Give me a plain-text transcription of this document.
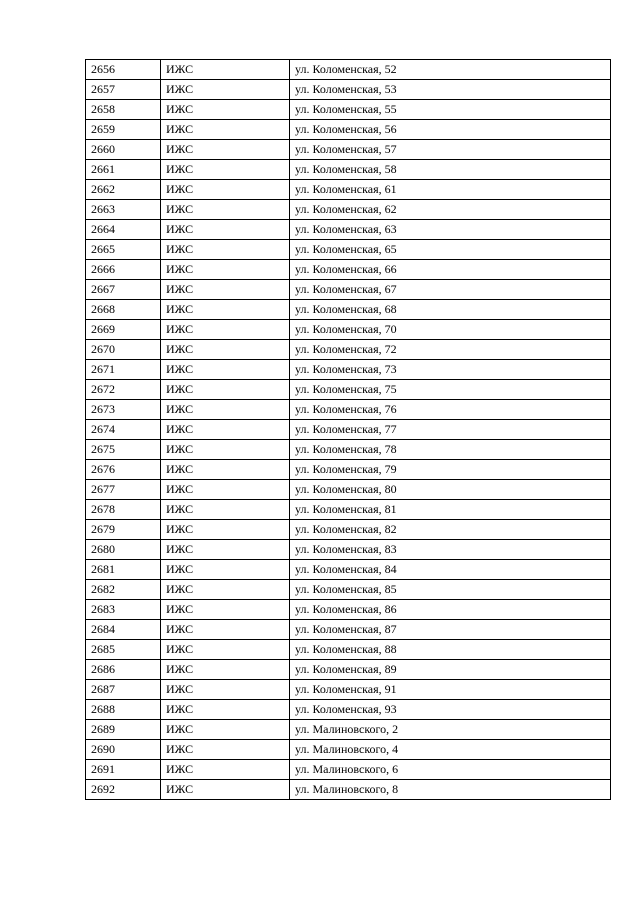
2656	ИЖС	ул. Коломенская, 52
2657	ИЖС	ул. Коломенская, 53
2658	ИЖС	ул. Коломенская, 55
2659	ИЖС	ул. Коломенская, 56
2660	ИЖС	ул. Коломенская, 57
2661	ИЖС	ул. Коломенская, 58
2662	ИЖС	ул. Коломенская, 61
2663	ИЖС	ул. Коломенская, 62
2664	ИЖС	ул. Коломенская, 63
2665	ИЖС	ул. Коломенская, 65
2666	ИЖС	ул. Коломенская, 66
2667	ИЖС	ул. Коломенская, 67
2668	ИЖС	ул. Коломенская, 68
2669	ИЖС	ул. Коломенская, 70
2670	ИЖС	ул. Коломенская, 72
2671	ИЖС	ул. Коломенская, 73
2672	ИЖС	ул. Коломенская, 75
2673	ИЖС	ул. Коломенская, 76
2674	ИЖС	ул. Коломенская, 77
2675	ИЖС	ул. Коломенская, 78
2676	ИЖС	ул. Коломенская, 79
2677	ИЖС	ул. Коломенская, 80
2678	ИЖС	ул. Коломенская, 81
2679	ИЖС	ул. Коломенская, 82
2680	ИЖС	ул. Коломенская, 83
2681	ИЖС	ул. Коломенская, 84
2682	ИЖС	ул. Коломенская, 85
2683	ИЖС	ул. Коломенская, 86
2684	ИЖС	ул. Коломенская, 87
2685	ИЖС	ул. Коломенская, 88
2686	ИЖС	ул. Коломенская, 89
2687	ИЖС	ул. Коломенская, 91
2688	ИЖС	ул. Коломенская, 93
2689	ИЖС	ул. Малиновского, 2
2690	ИЖС	ул. Малиновского, 4
2691	ИЖС	ул. Малиновского, 6
2692	ИЖС	ул. Малиновского, 8
